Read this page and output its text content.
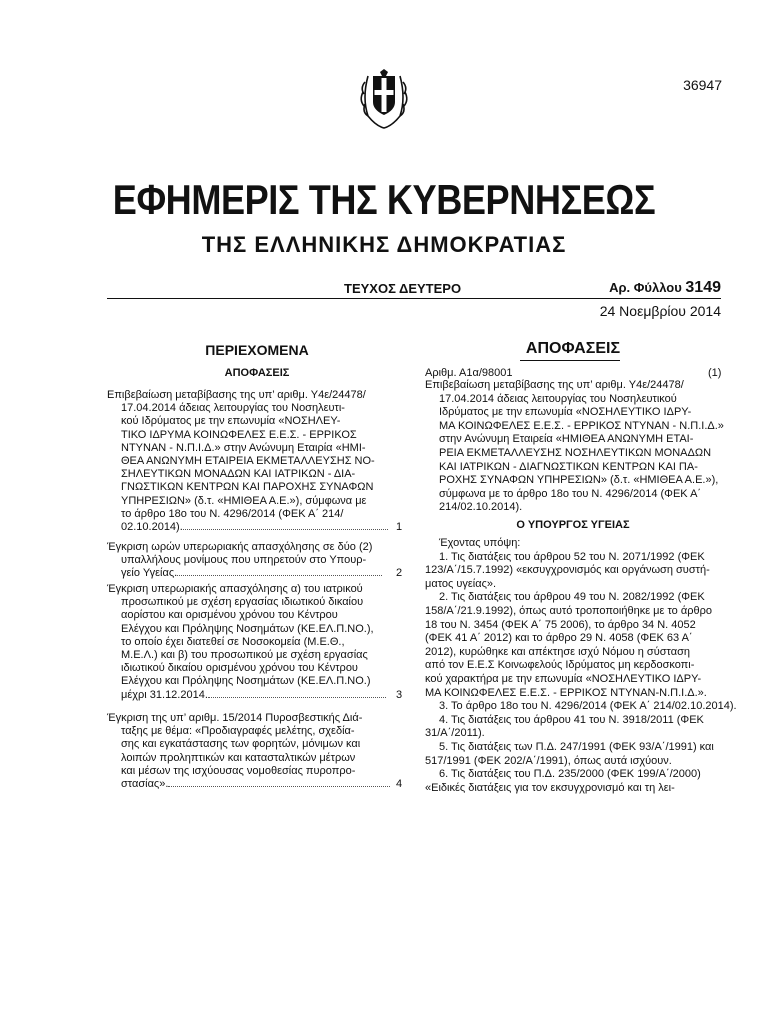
36947
ΕΦΗΜΕΡΙΣ ΤΗΣ ΚΥΒΕΡΝΗΣΕΩΣ
ΤΗΣ ΕΛΛΗΝΙΚΗΣ ΔΗΜΟΚΡΑΤΙΑΣ
ΤΕΥΧΟΣ ΔΕΥΤΕΡΟ	Αρ. Φύλλου 3149
24 Νοεμβρίου 2014
ΠΕΡΙΕΧΟΜΕΝΑ
ΑΠΟΦΑΣΕΙΣ
ΑΠΟΦΑΣΕΙΣ
Αριθμ. Α1α/98001	(1)
Επιβεβαίωση μεταβίβασης της υπ’ αριθμ. Υ4ε/24478/
17.04.2014 άδειας λειτουργίας του Νοσηλευτικού
Ιδρύματος με την επωνυμία «ΝΟΣΗΛΕΥΤΙΚΟ ΙΔΡΥ-
ΜΑ ΚΟΙΝΩΦΕΛΕΣ Ε.Ε.Σ. - ΕΡΡΙΚΟΣ ΝΤΥΝΑΝ - Ν.Π.Ι.Δ.»
στην Ανώνυμη Εταιρεία «ΗΜΙΘΕΑ ΑΝΩΝΥΜΗ ΕΤΑΙ-
ΡΕΙΑ ΕΚΜΕΤΑΛΛΕΥΣΗΣ ΝΟΣΗΛΕΥΤΙΚΩΝ ΜΟΝΑΔΩΝ
ΚΑΙ ΙΑΤΡΙΚΩΝ - ΔΙΑΓΝΩΣΤΙΚΩΝ ΚΕΝΤΡΩΝ ΚΑΙ ΠΑ-
ΡΟΧΗΣ ΣΥΝΑΦΩΝ ΥΠΗΡΕΣΙΩΝ» (δ.τ. «ΗΜΙΘΕΑ Α.Ε.»),
σύμφωνα με το άρθρο 18ο του Ν. 4296/2014 (ΦΕΚ Α΄
214/02.10.2014).
Ο ΥΠΟΥΡΓΟΣ ΥΓΕΙΑΣ
Έχοντας υπόψη:
1. Τις διατάξεις του άρθρου 52 του Ν. 2071/1992 (ΦΕΚ
123/Α΄/15.7.1992) «εκσυγχρονισμός και οργάνωση συστή-
ματος υγείας».
2. Τις διατάξεις του άρθρου 49 του Ν. 2082/1992 (ΦΕΚ
158/Α΄/21.9.1992), όπως αυτό τροποποιήθηκε με το άρθρο
18 του Ν. 3454 (ΦΕΚ Α΄ 75 2006), το άρθρο 34 Ν. 4052
(ΦΕΚ 41 Α΄ 2012) και το άρθρο 29 Ν. 4058 (ΦΕΚ 63 Α΄
2012), κυρώθηκε και απέκτησε ισχύ Νόμου η σύσταση
από τον Ε.Ε.Σ Κοινωφελούς Ιδρύματος μη κερδοσκοπι-
κού χαρακτήρα με την επωνυμία «ΝΟΣΗΛΕΥΤΙΚΟ ΙΔΡΥ-
ΜΑ ΚΟΙΝΩΦΕΛΕΣ Ε.Ε.Σ. - ΕΡΡΙΚΟΣ ΝΤΥΝΑΝ-Ν.Π.Ι.Δ.».
3. Το άρθρο 18ο του Ν. 4296/2014 (ΦΕΚ Α΄ 214/02.10.2014).
4. Τις διατάξεις του άρθρου 41 του Ν. 3918/2011 (ΦΕΚ
31/Α΄/2011).
5. Τις διατάξεις των Π.Δ. 247/1991 (ΦΕΚ 93/Α΄/1991) και
517/1991 (ΦΕΚ 202/Α΄/1991), όπως αυτά ισχύουν.
6. Τις διατάξεις του Π.Δ. 235/2000 (ΦΕΚ 199/Α΄/2000)
«Ειδικές διατάξεις για τον εκσυγχρονισμό και τη λει-
Επιβεβαίωση μεταβίβασης της υπ’ αριθμ. Υ4ε/24478/
17.04.2014 άδειας λειτουργίας του Νοσηλευτι-
κού Ιδρύματος με την επωνυμία «ΝΟΣΗΛΕΥ-
ΤΙΚΟ ΙΔΡΥΜΑ ΚΟΙΝΩΦΕΛΕΣ Ε.Ε.Σ. - ΕΡΡΙΚΟΣ
ΝΤΥΝΑΝ - Ν.Π.Ι.Δ.» στην Ανώνυμη Εταιρία «ΗΜΙ-
ΘΕΑ ΑΝΩΝΥΜΗ ΕΤΑΙΡΕΙΑ ΕΚΜΕΤΑΛΛΕΥΣΗΣ ΝΟ-
ΣΗΛΕΥΤΙΚΩΝ ΜΟΝΑΔΩΝ ΚΑΙ ΙΑΤΡΙΚΩΝ - ΔΙΑ-
ΓΝΩΣΤΙΚΩΝ ΚΕΝΤΡΩΝ ΚΑΙ ΠΑΡΟΧΗΣ ΣΥΝΑΦΩΝ
ΥΠΗΡΕΣΙΩΝ» (δ.τ. «ΗΜΙΘΕΑ Α.Ε.»), σύμφωνα με
το άρθρο 18ο του Ν. 4296/2014 (ΦΕΚ Α΄ 214/
02.10.2014).	1
Έγκριση ωρών υπερωριακής απασχόλησης σε δύο (2)
υπαλλήλους μονίμους που υπηρετούν στο Υπουρ-
γείο Υγείας.	2
Έγκριση υπερωριακής απασχόλησης α) του ιατρικού
προσωπικού με σχέση εργασίας ιδιωτικού δικαίου
αορίστου και ορισμένου χρόνου του Κέντρου
Ελέγχου και Πρόληψης Νοσημάτων (ΚΕ.ΕΛ.Π.ΝΟ.),
το οποίο έχει διατεθεί σε Νοσοκομεία (Μ.Ε.Θ.,
Μ.Ε.Λ.) και β) του προσωπικού με σχέση εργασίας
ιδιωτικού δικαίου ορισμένου χρόνου του Κέντρου
Ελέγχου και Πρόληψης Νοσημάτων (ΚΕ.ΕΛ.Π.ΝΟ.)
μέχρι 31.12.2014.	3
Έγκριση της υπ’ αριθμ. 15/2014 Πυροσβεστικής Διά-
ταξης με θέμα: «Προδιαγραφές μελέτης, σχεδία-
σης και εγκατάστασης των φορητών, μόνιμων και
λοιπών προληπτικών και κατασταλτικών μέτρων
και μέσων της ισχύουσας νομοθεσίας πυροπρο-
στασίας».	4
